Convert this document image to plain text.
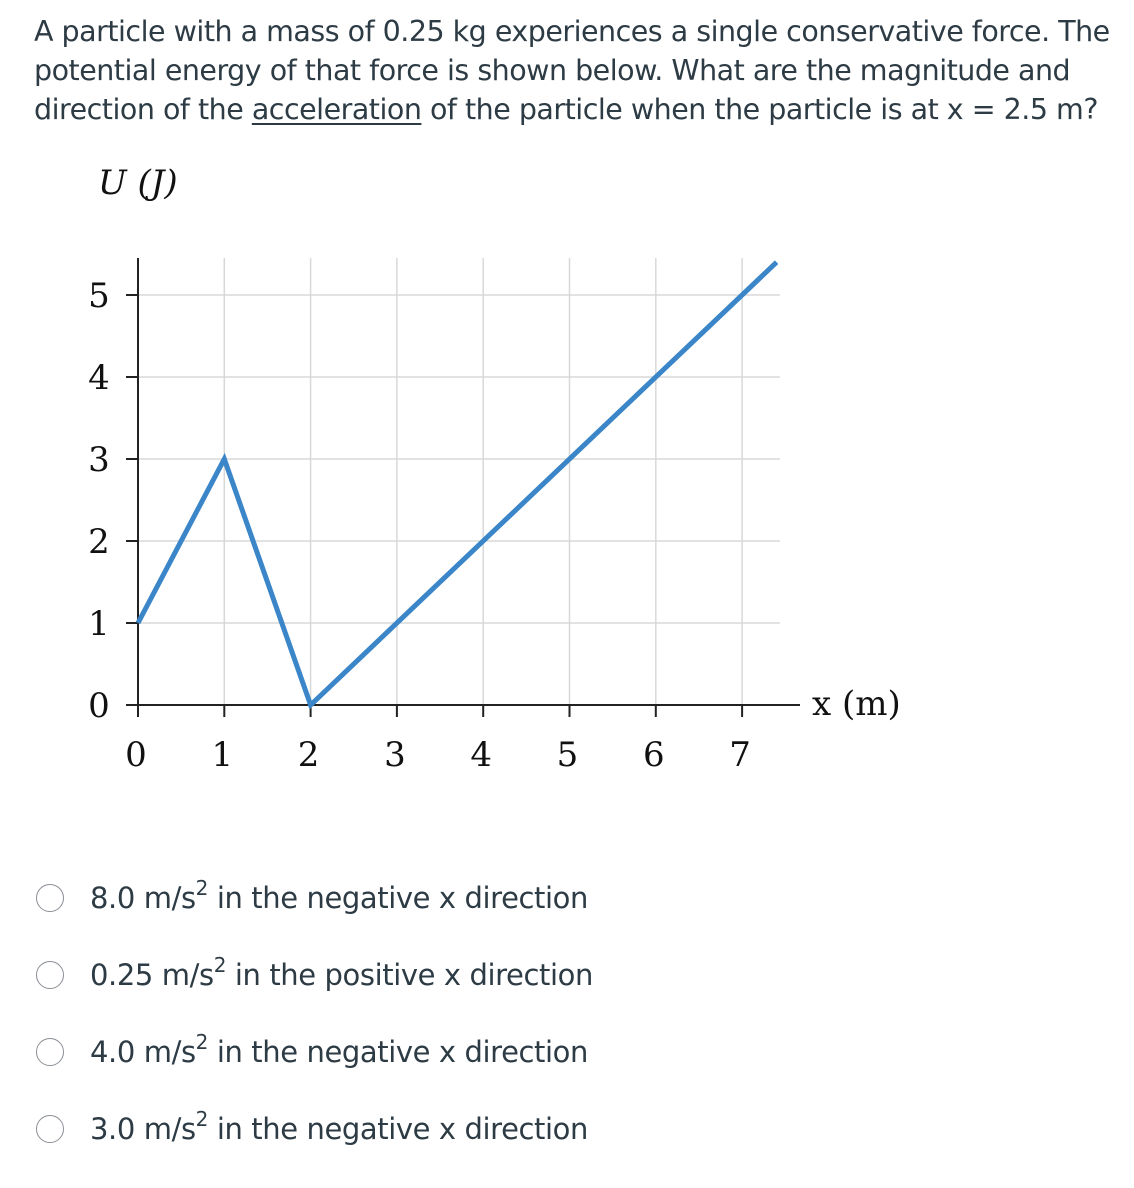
A particle with a mass of 0.25 kg experiences a single conservative force. The potential energy of that force is shown below. What are the magnitude and direction of the acceleration of the particle when the particle is at x = 2.5 m?
0 1 2 3 4 5 6 7
0
1
2
3
4
5
U (J)
x (m)
8.0 $m/s^2$ in the negative x direction
0.25 $m/s^2$ in the positive x direction
4.0 $m/s^2$ in the negative x direction
3.0 $m/s^2$ in the negative x direction
